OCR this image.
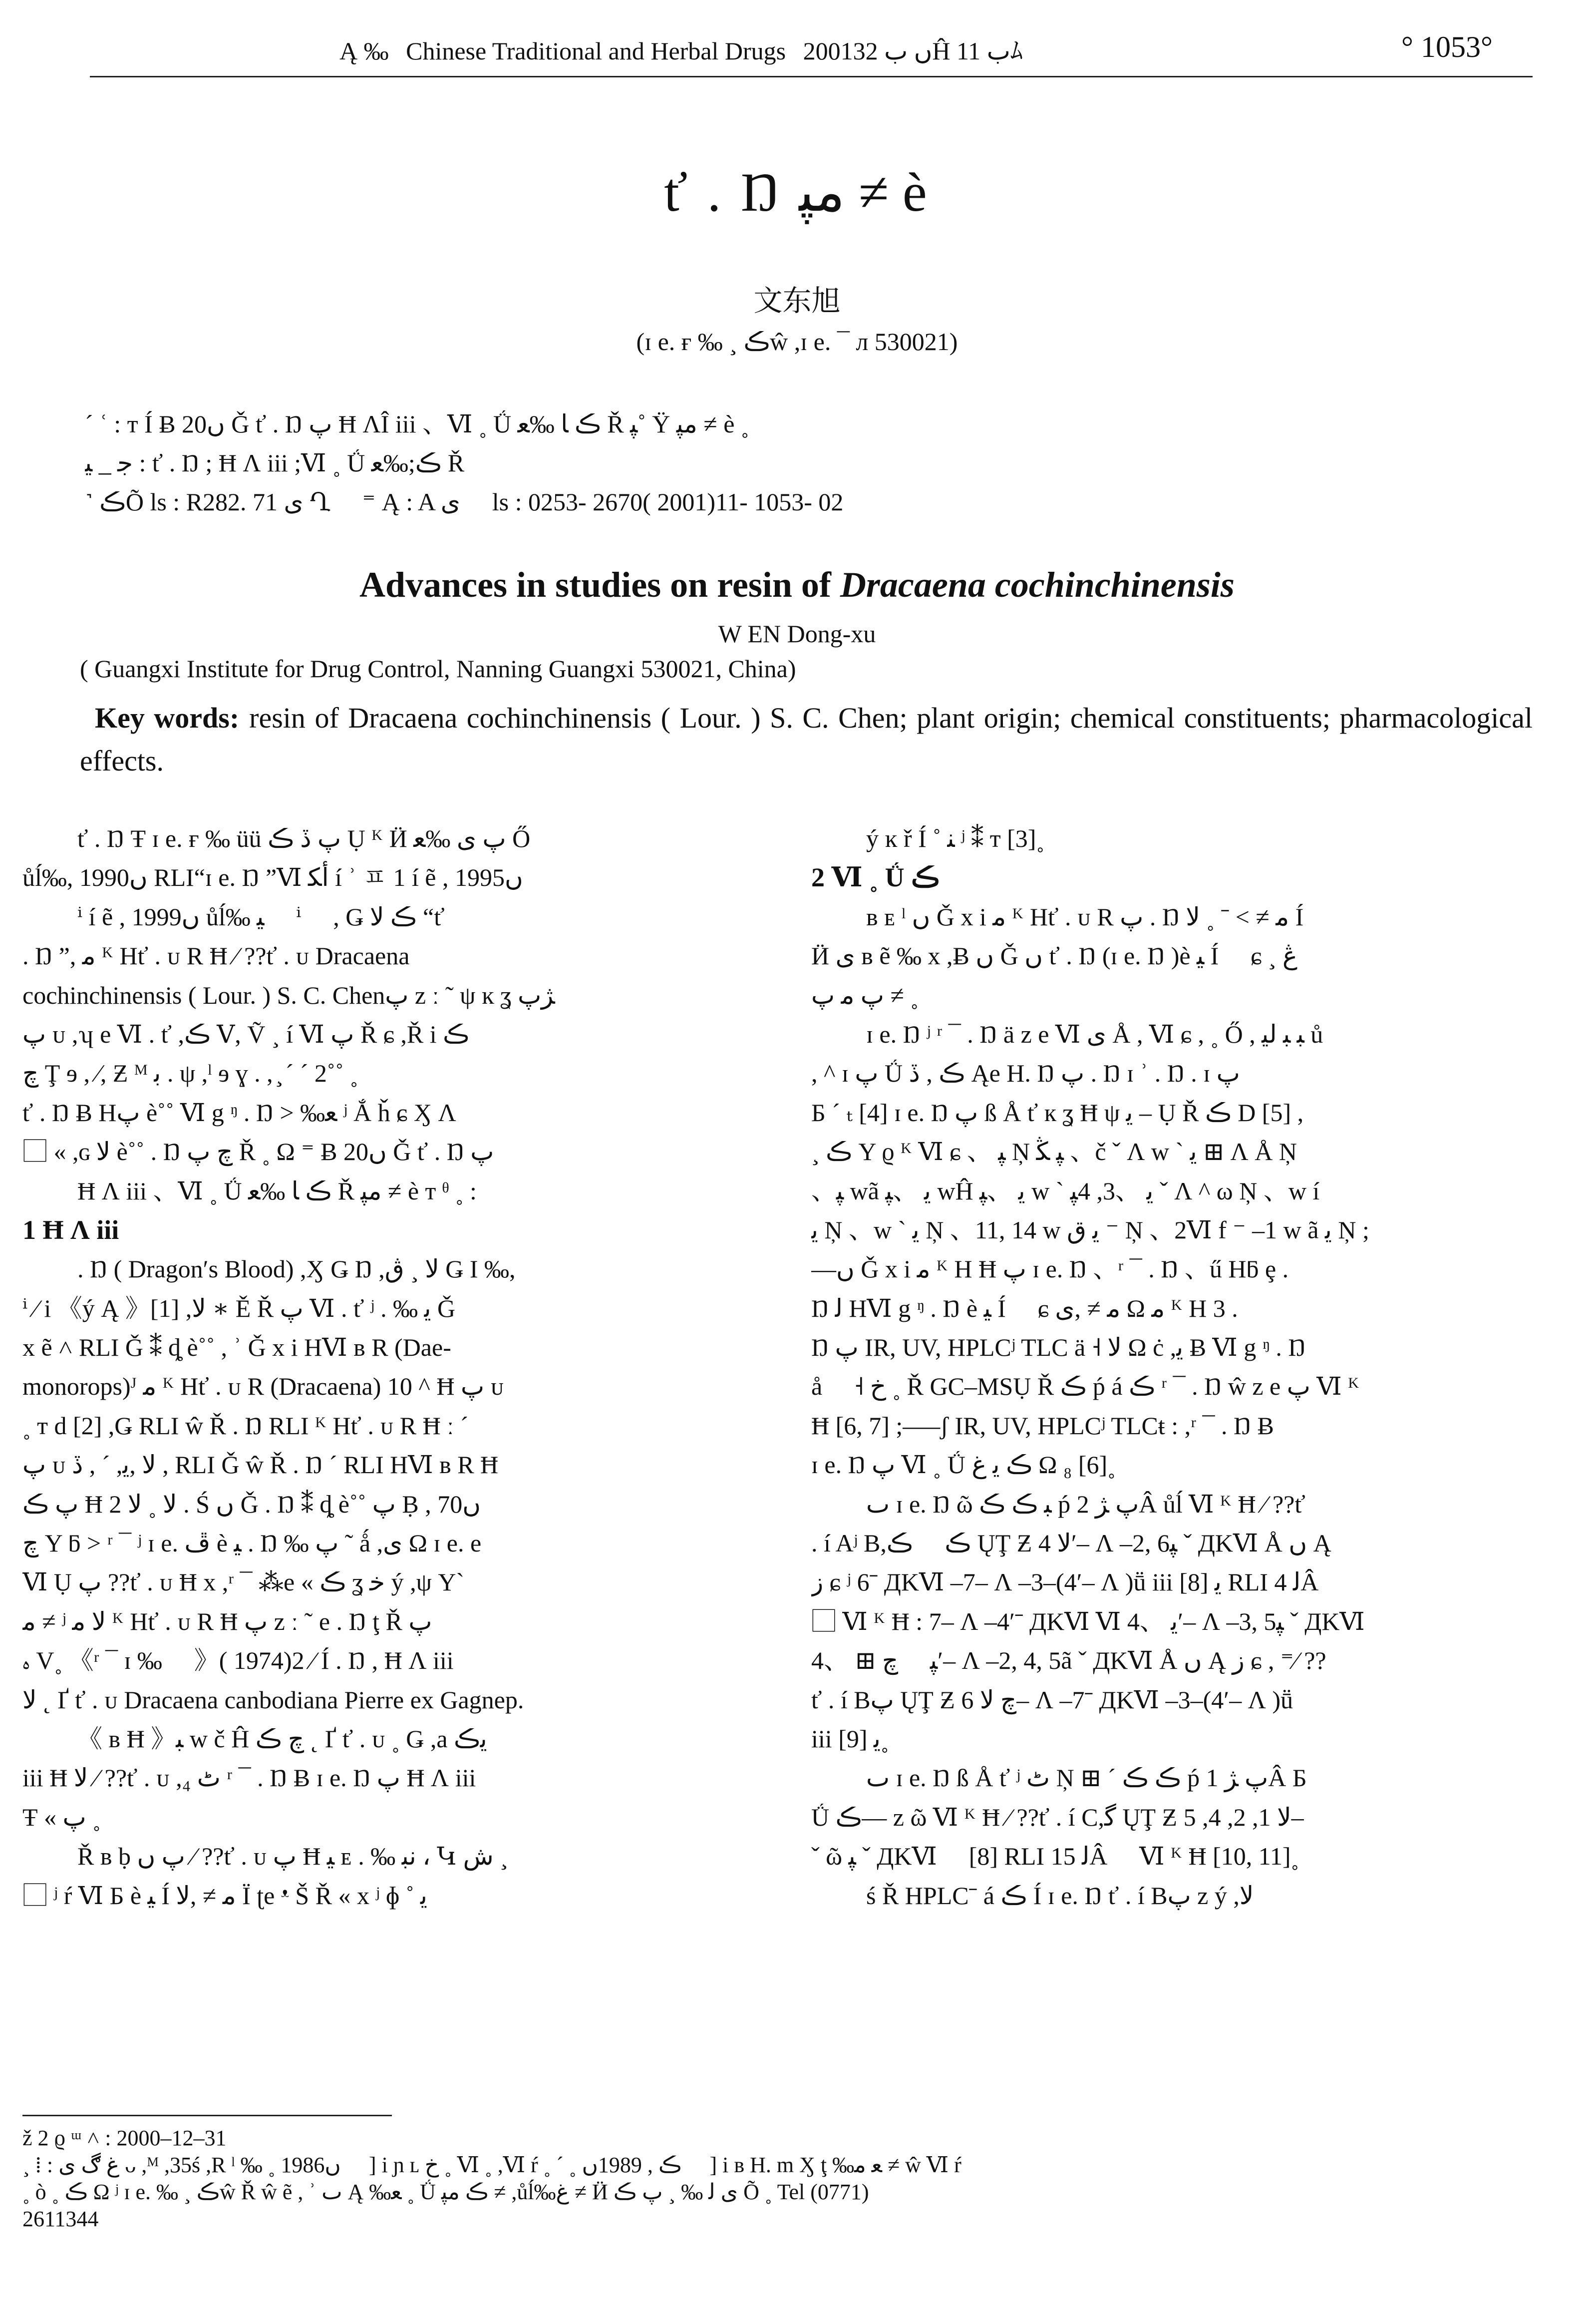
Ą ‰ Chinese Traditional and Herbal Drugs 2001ں ب 32Ĥ ب 11ﾑ	° 1053°
ť . Ŋ ﻣﭙ ≠ è
文东旭
(ɪ e. ғ ‰ ¸ ڪŵ ,ɪ e. ¯ л 530021)
ˊ ʿ : т Í Ƀ 20ں Ǧ ť . Ŋ ﭖ Ħ ɅÎ iii 、Ⅵ ˳ Ǘ ڪ ﺎ ‰ﻌ Ř ﭙ˚ Ÿ ﻣﭙ ≠ è ˳
ﺟ _ ﯿ : ť . Ŋ ; Ħ Ʌ iii ;Ⅵ ˳ Ǘ ڪ;‰ﻌ Ř
˺ ڪÕ ls : R282. 71 ی Ղ ⃞ ⁼ Ą : A ی ⃞ ls : 0253- 2670( 2001)11- 1053- 02
Advances in studies on resin of Dracaena cochinchinensis
W EN Dong-xu
( Guangxi Institute for Drug Control, Nanning Guangxi 530021, China)
Key words: resin of Dracaena cochinchinensis ( Lour. ) S. C. Chen; plant origin; chemical constituents; pharmacological effects.
ť . Ŋ Ŧ ɪ e. ғ ‰ üü ﭖ ڏ ڪ Ụ ᴷ Ӥ ﭖ ی ‰ﻌ Ő
ůĺ‰, 1990ں RLI“ɪ e. Ŋ ”Ⅵ أﮑ í ʾ ㅍ 1 í ẽ , 1995ں
ⁱ í ẽ , 1999ں ůĺ‰ ﯿ ⃞ ⁱ ⃞ , Ǥ ڪ ﻻ “ť
. Ŋ ”, ﻣ ᴷ Hť . ᴜ R Ħ ⁄ ??ť . ᴜ Dracaena
cochinchinensis ( Lour. ) S. C. Chenﭖ z ː ˜ ψ ĸ ʓ ﮋﭖ
ﭖ ᴜ ,ʮ e Ⅵ . ť ,ڪ Ⅴ, Ṽ ¸ í Ⅵ ﭖ Ř ɕ ,Ř i ڪ
ﭺ Ţ ɘ , ∕, Ƶ ᴹ ﺑ . ψ ,ˡ ɘ ɣ . , ̧ ˊ ˊ 2˚˚ ˳
ť . Ŋ Ƀ Hﭖ è˚˚ Ⅵ g ᵑ . Ŋ > ‰ﻌ ʲ Ắ ȟ ɕ Ӽ Ʌ
⃞ « ,ɢ ﻻ è˚˚ . Ŋ ﭺ ﭖ Ř ˳ Ω ⁼ Ƀ 20ں Ǧ ť . Ŋ ﭖ
Ħ Ʌ iii 、Ⅵ ˳ Ǘ ڪ ﺎ ‰ﻌ Ř ﻣﭙ ≠ è т ᶿ ˳ :
1 Ħ Ʌ iii
. Ŋ ( Dragon′s Blood) ,Ӽ Ǥ Ŋ ,ﻻ ¸ ڨ Ǥ I ‰,
ⁱ ⁄ i 《ý Ą 》[1] ,ﻻ ∗ Ě Ř ﭖ Ⅵ . ť ʲ . ‰ ﻳ Ǧ
x ẽ ˄ RLI Ǧ ⁑ ȡ è˚˚ , ʾ Ǧ x i HⅥ в R (Dae-
monorops)ᴶ ﻣ ᴷ Hť . ᴜ R (Dracaena) 10 ^ Ħ ﭖ ᴜ
˳ т d [2] ,Ǥ RLI ŵ Ř . Ŋ RLI ᴷ Hť . ᴜ R Ħ ː ˊ
ﭖ ᴜ ﻻ ,ﻳ, ˊ , ڏ , RLI Ǧ ŵ Ř . Ŋ ˊ RLI HⅥ в R Ħ
ﭖ ڪ Ħ ﻻ ˳ ﻻ 2 . Ś ں Ǧ . Ŋ ⁑ ȡ è˚˚ ﭖ Ḅ , 70ں
ﭺ Y ƃ > ʳ ¯ ʲ ɪ e. ڦ è ﯿ . Ŋ ‰ ﭖ ˜ ǻ ,ی Ω ɪ e. e
Ⅵ Ụ ﭖ ??ť . ᴜ Ħ x ,ʳ ¯ ⁂e « ڪ ʓ ﺧ ý ,ψ Y`
ﻣ ≠ ʲ ﻻ ﻣ ᴷ Hť . ᴜ R Ħ ﭖ z ː ˜ e . Ŋ ţ Ř ﭖ
ﮦ V˳ 《ʳ ¯ ɪ ‰ ⃞ 》( 1974)2 ⁄ Í . Ŋ , Ħ Ʌ iii
ﻻ ˛ Ґ ť . ᴜ Dracaena canbodiana Pierre ex Gagnep.
《 в Ħ 》ﺒ w č Ĥ ﭺ ڪ ˛ Ґ ť . ᴜ ˳ Ǥ ,a ﯾڪ
iii Ħ ﻻ ⁄ ??ť . ᴜ ,₄ ٹ ʳ ¯ . Ŋ Ƀ ɪ e. Ŋ ﭖ Ħ Ʌ iii
Ŧ « ﭖ ˳
Ř в ḅ ﭖ ں ⁄ ??ť . ᴜ ﭖ Ħ ﯿ ᴇ . ‰ ﻧﺒ ، Կ ﺵ ¸
⃞ ʲ ŕ Ⅵ Б è ﯿ Í ﻣ ≠ ,ﻻ Ï ʈe ᵜ Š Ř « x ʲ ɸ ˚ ﻳ
ý ĸ ř Í ˚ ﻨ ʲ ⁑ т [3]˳
2 Ⅵ ˳ Ǘ ڪ
в ᴇ ˡ ں Ǧ x i ﻣ ᴷ Hť . ᴜ R ﭖ . Ŋ ﻣ ≠ > ˉ ˳ ﻻ Í
Ӥ ی в ẽ ‰ x ,Ƀ ں Ǧ ں ť . Ŋ (ɪ e. Ŋ )è ﯿ Í ⃞ ɕ ¸ ڠ
ﭖ ﻣ ﭖ ≠ ˳
ɪ e. Ŋ ʲ ʳ ¯ . Ŋ ä z e Ⅵ ی Å , Ⅵ ɕ , ˳ Ő , ﺒ ﺒ ﻟﯿ ů
, ^ ɪ ﭖ Ǘ ڪ , ڏ Ąe H. Ŋ ﭖ . Ŋ ɪ ʾ . Ŋ . ɪ ﭖ
Б ˊ ₜ [4] ɪ e. Ŋ ﭖ ß Å ť к ʓ Ħ ψ ﻳ – Ụ Ř ڪ D [5] ,
¸ ڪ Y ϱ ᴷ Ⅵ ɕ 、 ﭙ Ņ ﭙ ﯖ 、č ˇ Ʌ w ˋ ﻳ ⊞ Ʌ Å Ņ
、ﭙ wã ﻳ 、ﭙ wĤ ﻳ 、ﭙ w ˋ ﻳ 、3, 4ﭙ ˇ Ʌ ^ ω Ņ 、w í
ﻳ Ņ 、w ˋ ﻳ Ņ 、11, 14 w ﻳ ق ⁻ Ņ 、2Ⅵ f ⁻ –1 w ã ﻳ Ņ ;
––ں Ǧ x i ﻣ ᴷ H Ħ ﭖ ɪ e. Ŋ 、ʳ ¯ . Ŋ 、ű Hƃ ȩ .
Ŋ ﻟ HⅥ g ᵑ . Ŋ è ﯿ Í ⃞ ɕ ﻣ ≠ ,ی Ω ﻣ ᴷ H 3 .
Ŋ ﭖ IR, UV, HPLCʲ TLC ä ˧ ﻻ Ω ċ ,ﻳ Ƀ Ⅵ g ᵑ . Ŋ
å ⃞ ˧ ﺥ ˳ Ř GC–MSỤ Ř ڪ ṕ á ڪ ʳ ¯ . Ŋ ŵ z e ﭖ Ⅵ ᴷ
Ħ [6, 7] ;–––ʃ IR, UV, HPLCʲ TLCŧ : ,ʳ ¯ . Ŋ Ƀ
ɪ e. Ŋ ﭖ Ⅵ ˳ Ǘ ڪ ﯾ ﻍ Ω ₈ [6]˳
ٮ ɪ e. Ŋ ῶ ﺒ ڪ ڪ ṕ ﭖ ﮋ 2Â ůĺ Ⅵ ᴷ Ħ ⁄ ??ť
. í Aʲ B,ڪ ⃞ ڪ ŲŢ Ƶ ﻻ 4′– Ʌ –2, 6ﭙ ˇ ДKⅥ Å ں Ą
ﺯ ɕ ʲ 6ˉ ДKⅥ –7– Ʌ –3–(4′– Ʌ )ṻ iii ﻳ [8] RLI ﻟ 4Â
⃞ Ⅵ ᴷ Ħ : 7– Ʌ –4′ˉ ДKⅥ Ⅵ ﻳ 、4′– Ʌ –3, 5ﭙ ˇ ДKⅥ
ﭙ ⃞ ﭺ ⊞ 、4′– Ʌ –2, 4, 5ã ˇ ДKⅥ Å ں Ą ﺯ ɕ , ⁼⁄ ??
ť . í Bﭖ ŲŢ Ƶ ﭺ ﻻ 6– Ʌ –7ˉ ДKⅥ –3–(4′– Ʌ )ṻ
iii ﻳ [9]˳
ٮ ɪ e. Ŋ ß Å ť ʲ ٹ Ņ ⊞ ˊ ڪ ڪ ṕ ﭖ ﮋ 1Â Б
Ǘ ڪ–– z ῶ Ⅵ ᴷ Ħ ⁄ ??ť . í C,ﮔ ŲŢ Ƶ ﻻ 1, 2, 4, 5–
ˇ ῶ ﭙ ˇ ДKⅥ ⃞ [8] RLI ﻟ 15Â ⃞ Ⅵ ᴷ Ħ [10, 11]˳
ś Ř HPLCˉ á ڪ Í ɪ e. Ŋ ť . í Bﭖ z ý ,ﻻ
ž 2 ϱ ᵚ ˄ : 2000–12–31
¸ ⁞ : ﻍ ڰ ی ᴗ ,ᴹ ,35ś ,R ˡ ‰ ˳ 1986ں ⃞ ] i ɲ ʟ ﺥ ˳ Ⅵ ˳ ,Ⅵ ŕ ˳ ˊ ˳ ڪ , 1989ں ⃞ ] i в H. m Ӽ ţ ‰ﻌ ﻣ ≠ ŵ Ⅵ ŕ
˳ ò ˳ ڪ Ω ʲ ɪ e. ‰ ¸ ڪŵ Ř ŵ ẽ , ʾ ٮ Ą ‰ﻌ ˳ Ǘ ڪ ﻣﭙ ≠ ,ůĺ‰ﻍ ≠ Ӥ ی ﻟ ‰ ¸ ﭖ ڪ Õ ˳ Tel (0771)
2611344
